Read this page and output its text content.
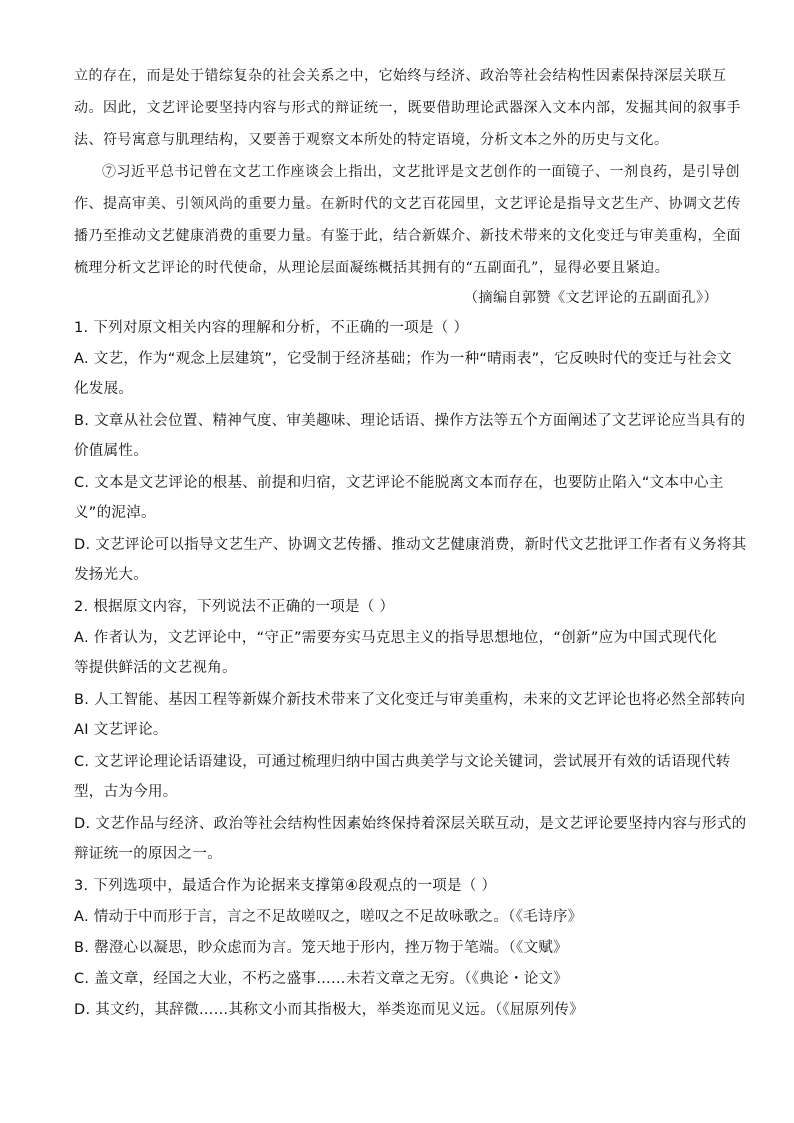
立的存在，而是处于错综复杂的社会关系之中，它始终与经济、政治等社会结构性因素保持深层关联互
动。因此，文艺评论要坚持内容与形式的辩证统一，既要借助理论武器深入文本内部，发掘其间的叙事手
法、符号寓意与肌理结构，又要善于观察文本所处的特定语境，分析文本之外的历史与文化。
⑦习近平总书记曾在文艺工作座谈会上指出，文艺批评是文艺创作的一面镜子、一剂良药，是引导创
作、提高审美、引领风尚的重要力量。在新时代的文艺百花园里，文艺评论是指导文艺生产、协调文艺传
播乃至推动文艺健康消费的重要力量。有鉴于此，结合新媒介、新技术带来的文化变迁与审美重构，全面
梳理分析文艺评论的时代使命，从理论层面凝练概括其拥有的“五副面孔”，显得必要且紧迫。
（摘编自郭赞《文艺评论的五副面孔》）
1. 下列对原文相关内容的理解和分析，不正确的一项是（ ）
A. 文艺，作为“观念上层建筑”，它受制于经济基础；作为一种“晴雨表”，它反映时代的变迁与社会文
化发展。
B. 文章从社会位置、精神气度、审美趣味、理论话语、操作方法等五个方面阐述了文艺评论应当具有的
价值属性。
C. 文本是文艺评论的根基、前提和归宿，文艺评论不能脱离文本而存在，也要防止陷入“文本中心主
义”的泥淖。
D. 文艺评论可以指导文艺生产、协调文艺传播、推动文艺健康消费，新时代文艺批评工作者有义务将其
发扬光大。
2. 根据原文内容，下列说法不正确的一项是（ ）
A. 作者认为，文艺评论中，“守正”需要夯实马克思主义的指导思想地位，“创新”应为中国式现代化
等提供鲜活的文艺视角。
B. 人工智能、基因工程等新媒介新技术带来了文化变迁与审美重构，未来的文艺评论也将必然全部转向
AI 文艺评论。
C. 文艺评论理论话语建设，可通过梳理归纳中国古典美学与文论关键词，尝试展开有效的话语现代转
型，古为今用。
D. 文艺作品与经济、政治等社会结构性因素始终保持着深层关联互动，是文艺评论要坚持内容与形式的
辩证统一的原因之一。
3. 下列选项中，最适合作为论据来支撑第④段观点的一项是（ ）
A. 情动于中而形于言，言之不足故嗟叹之，嗟叹之不足故咏歌之。（《毛诗序》
B. 罄澄心以凝思，眇众虑而为言。笼天地于形内，挫万物于笔端。（《文赋》
C. 盖文章，经国之大业，不朽之盛事……未若文章之无穷。（《典论・论文》
D. 其文约，其辞微……其称文小而其指极大，举类迩而见义远。（《屈原列传》
